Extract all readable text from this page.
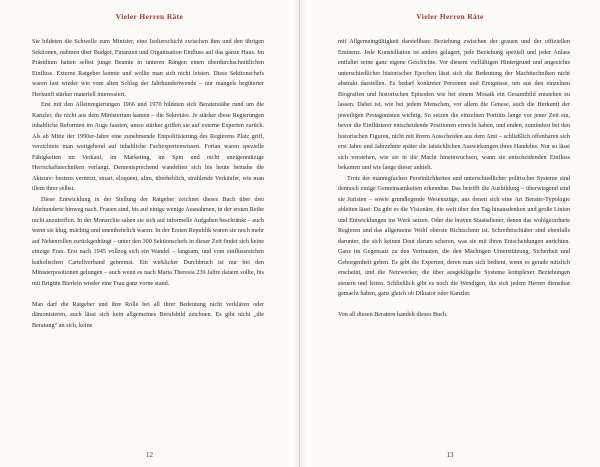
Vieler Herren Räte

Sie bildeten die Schwelle zum Minister, eine Isolierschicht zwischen ihm und den übrigen Sektionen, nahmen über Budget, Finanzen und Organisation Einfluss auf das ganze Haus. Im Präsidium hatten selbst junge Beamte in unteren Rängen einen überdurchschnittlichen Einfluss. Externe Ratgeber konnte und wollte man sich nicht leisten. Diese Sektionschefs waren fast wieder wie vom alten Schlag der Jahrhundertwende – nur mangels begüterter Herkunft stärker materiell interessiert.

Erst mit den Alleinregierungen 1966 und 1970 bildeten sich Beraterstäbe rund um die Kanzler, die nicht aus dem Ministerium kamen – die Sekretäre. Je stärker diese Regierungen inhaltliche Reformen im Auge fassten, umso stärker griffen sie auf externe Experten zurück. Als ab Mitte der 1990er-Jahre eine zunehmende Entpolitisierung des Regierens Platz griff, verzichtete man weitgehend auf inhaltliche Fachexpertenwissen. Fortan waren spezielle Fähigkeiten im Verkauf, im Marketing, im Spin und nicht uneigennützige Herrschaftstechniken verlangt. Dementsprechend wandelten sich bis heute beinahe die Akteure: bestens vernetzt, smart, eloquent, alim, überheblich, strahlende Verkäufer, wie man illem ihrer selbst.

Diese Entwicklung in der Stellung der Ratgeber zeichnet dieses Buch über drei Jahrhunderte hinweg nach. Frauen sind, bis auf einige wenige Ausnahmen, in der ersten Reihe nicht anzutreffen. In der Monarchie sahen sie sich auf informelle Aufgaben beschränkt – auch wenn sie klug, mächtig und unentbehrlich waren. In der Ersten Republik waren sie noch mehr auf Nebenrollen zurückgedrängt – unter den 300 Sektionschefs in dieser Zeit findet sich keine einzige Frau. Erst nach 1945 vollzog sich ein Wandel – langsam, und vom einflussreichen katholischen Cartellverband gebremst. Ein wirklicher Durchbruch ist nur bei den Ministerpositionen gelungen – auch wenn es nach Maria Theresia 239 Jahre dauern sollte, bis mit Brigitte Bierlein wieder eine Frau ganz vorne stand.

Man darf die Ratgeber und ihre Rolle bei all ihrer Bedeutung nicht verklären oder dämonisieren, auch lässt sich kein allgemeines Berufsbild zeichnen. Es gibt nicht „die Beratung“ an sich, keine

12
Vieler Herren Räte

mit Allgemeingültigkeit darstellbare Beziehung zwischen der grauen und der offiziellen Eminenz. Jede Konstellation ist anders gelagert, jede Beziehung speziell und jeder Anlass entfaltet seine ganz eigene Geschichte. Vor diesem vielfältigen Hintergrund und angesichts unterschiedlicher historischer Epochen lässt sich die Bedeutung der Machttechniken nicht abstrakt darstellen. Es bedarf konkreter Personen und Ereignisse, um aus den einzelnen Biografien und historischen Episoden wie bei einem Mosaik ein Gesamtbild entstehen zu lassen. Dabei ist, wie bei jedem Menschen, vor allem die Genese, auch die Herkunft der jeweiligen Protagonisten wichtig. So setzen die einzelnen Porträts lange vor jener Zeit ein, bevor die Einflüsterer entscheidende Positionen erreicht haben, und enden, zumindest bei den historischen Figuren, nicht mit ihrem Ausscheiden aus dem Amt – schließlich offenbaren sich erst Jahre und Jahrzehnte später die tatsächlichen Auswirkungen ihres Handelns. Nur so lässt sich verstehen, wie sie in die Macht hineinwuchsen, wann sie entscheidenden Einfluss bekamen und wie lange dieser anhielt.

Trotz der mannigfachen Persönlichkeiten und unterschiedlicher politischer Systeme sind dennoch einige Gemeinsamkeiten erkennbar. Das betrifft die Ausbildung – überwiegend sind sie Juristen – sowie grundlegende Wesenszüge, aus denen sich eine Art Berater-Typologie ableiten lässt: Da gibt es die Visionäre, die weit über den Tag hinausdenken und große Linien und Entwicklungen ins Werk setzen. Oder die braven Staatsdiener, denen das wohlgeordnete Regieren und das allgemeine Wohl oberste Richtschnur ist. Schreibtischtäter sind ebenfalls darunter, die sich keinen Deut darum scheren, was sie mit ihren Entscheidungen anrichten. Ganz im Gegensatz zu den Vertrauten, die den Mächtigen Unterstützung, Sicherheit und Geborgenheit geben. Es gibt die Experten, deren man sich bedient, wenn es gerade nützlich erscheint, und die Netzwerker, die über ausgeklügelte Systeme komplexer Beziehungen steuern und leiten. Schließlich gibt es noch die Wendigen, die sich jedem Herren dienstbar gemacht haben, ganz gleich ob Diktator oder Kanzler.

Von all diesen Beratern handelt dieses Buch.

13
